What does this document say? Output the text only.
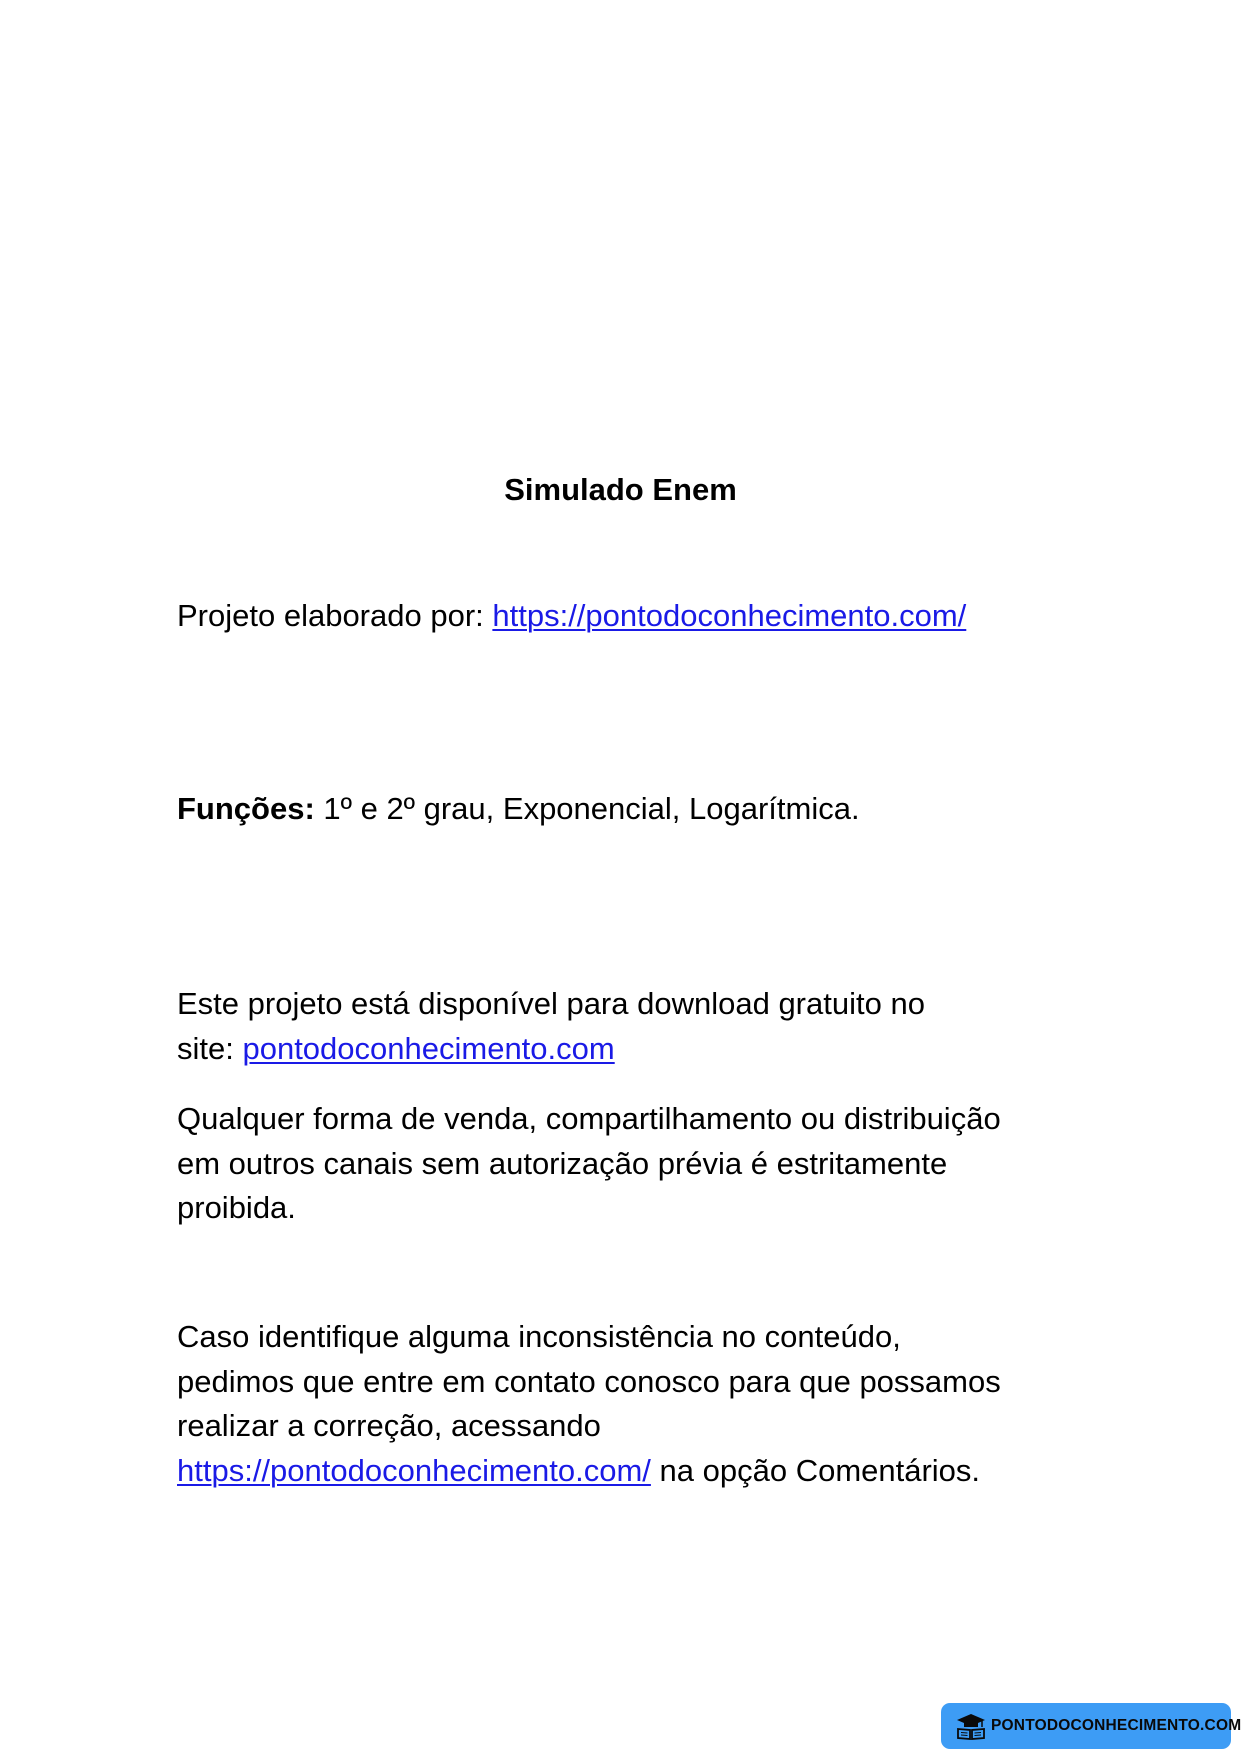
Simulado Enem

Projeto elaborado por: https://pontodoconhecimento.com/

Funções: 1º e 2º grau, Exponencial, Logarítmica.

Este projeto está disponível para download gratuito no
site: pontodoconhecimento.com

Qualquer forma de venda, compartilhamento ou distribuição
em outros canais sem autorização prévia é estritamente
proibida.

Caso identifique alguma inconsistência no conteúdo,
pedimos que entre em contato conosco para que possamos
realizar a correção, acessando
https://pontodoconhecimento.com/ na opção Comentários.

PONTODOCONHECIMENTO.COM
